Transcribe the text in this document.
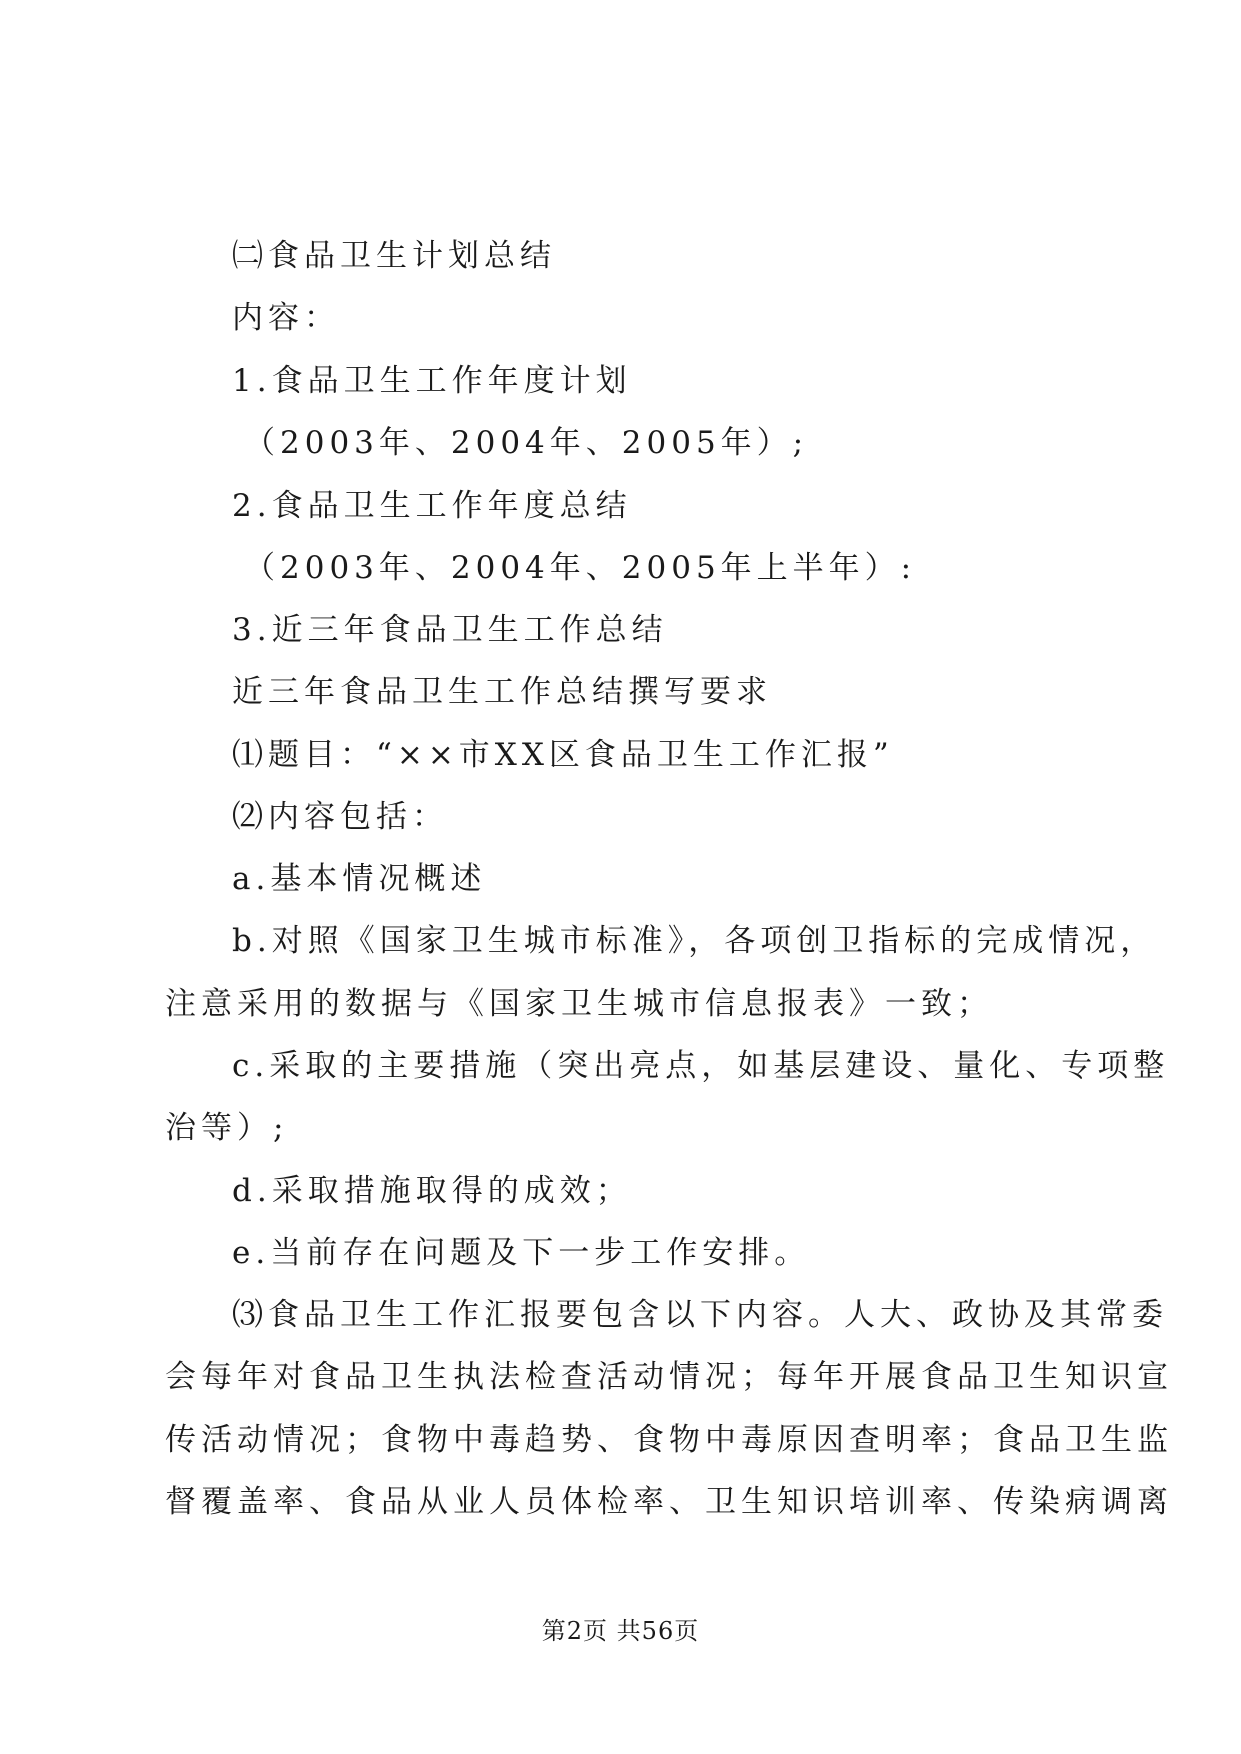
㈡食品卫生计划总结
内容：
1.食品卫生工作年度计划
（2003年、2004年、2005年）;
2.食品卫生工作年度总结
（2003年、2004年、2005年上半年）:
3.近三年食品卫生工作总结
近三年食品卫生工作总结撰写要求
⑴题目：“××市XX区食品卫生工作汇报”
⑵内容包括：
a.基本情况概述
b.对照《国家卫生城市标准》，各项创卫指标的完成情况，
注意采用的数据与《国家卫生城市信息报表》一致；
c.采取的主要措施（突出亮点，如基层建设、量化、专项整
治等）;
d.采取措施取得的成效；
e.当前存在问题及下一步工作安排。
⑶食品卫生工作汇报要包含以下内容。人大、政协及其常委
会每年对食品卫生执法检查活动情况；每年开展食品卫生知识宣
传活动情况；食物中毒趋势、食物中毒原因查明率；食品卫生监
督覆盖率、食品从业人员体检率、卫生知识培训率、传染病调离
第2页 共56页
